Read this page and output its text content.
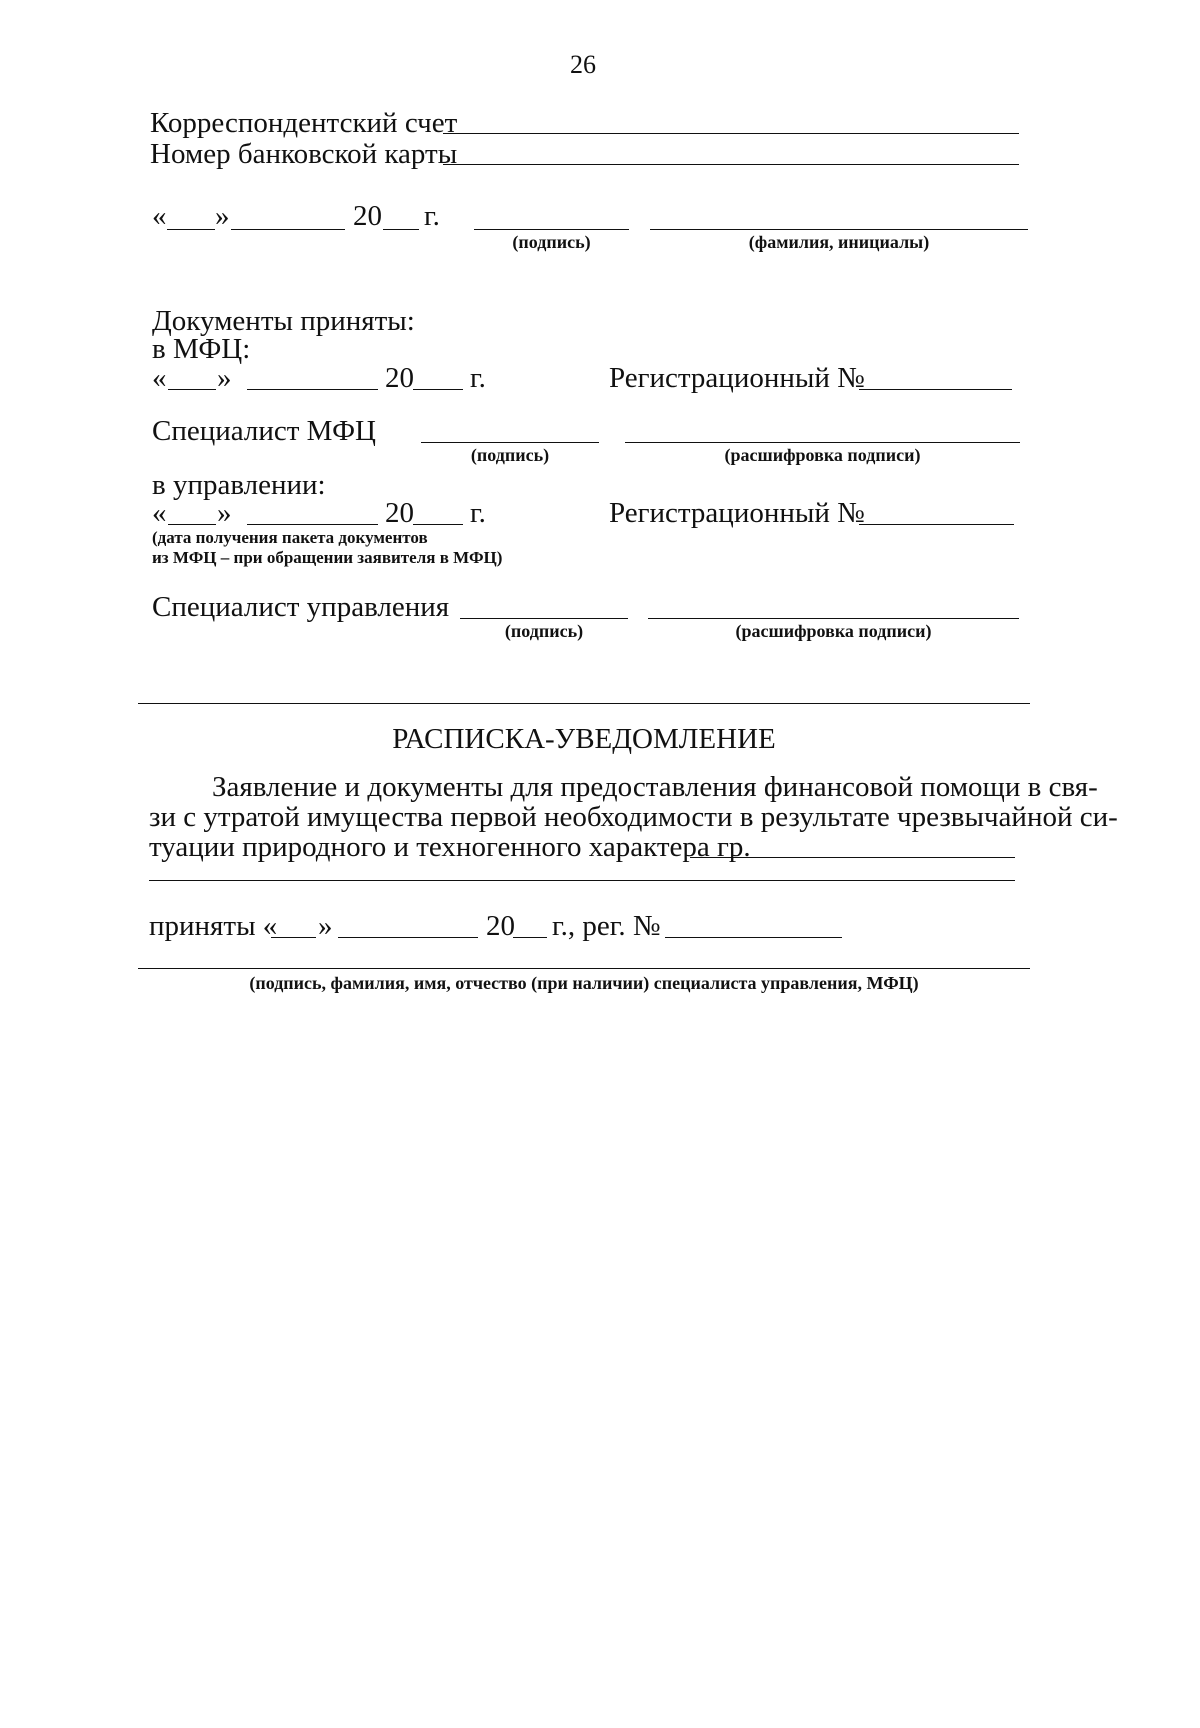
26
Корреспондентский счет
Номер банковской карты
« »	20 г.
(подпись)	(фамилия, инициалы)
Документы приняты:
в МФЦ:
« »	20 г.	Регистрационный №
Специалист МФЦ
(подпись)	(расшифровка подписи)
в управлении:
« »	20 г.	Регистрационный №
(дата получения пакета документов
из МФЦ – при обращении заявителя в МФЦ)
Специалист управления
(подпись)	(расшифровка подписи)
РАСПИСКА-УВЕДОМЛЕНИЕ
Заявление и документы для предоставления финансовой помощи в свя-
зи с утратой имущества первой необходимости в результате чрезвычайной си-
туации природного и техногенного характера гр.
приняты « »	20 г., рег. №
(подпись, фамилия, имя, отчество (при наличии) специалиста управления, МФЦ)
